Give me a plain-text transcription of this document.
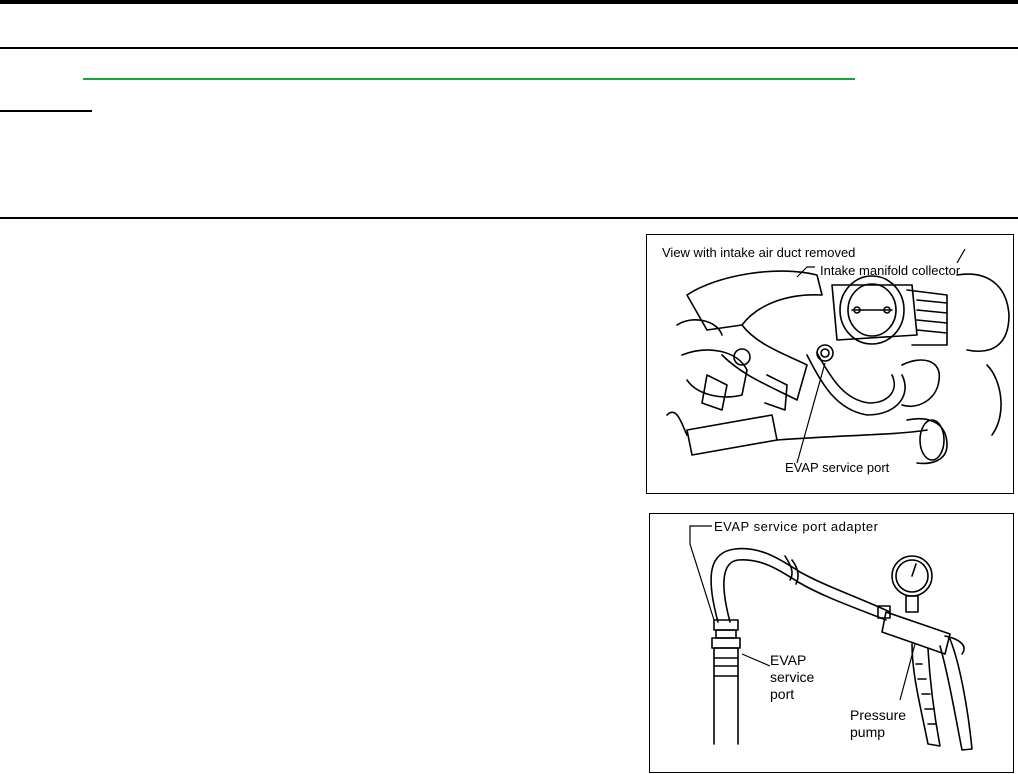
View with intake air duct removed
Intake manifold collector
EVAP service port
EVAP service port adapter
EVAP
service
port
Pressure
pump
